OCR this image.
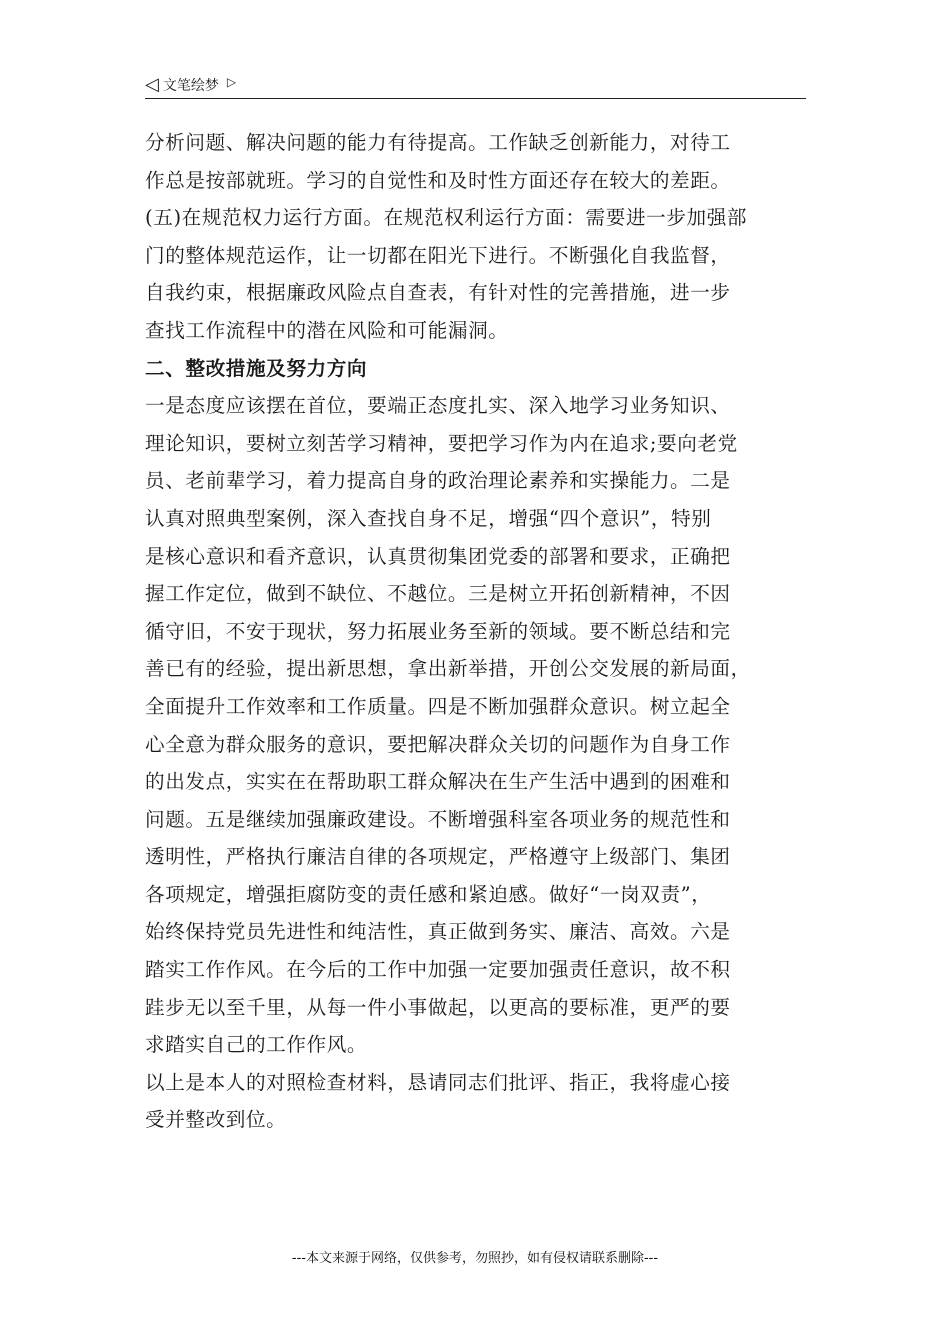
◁ 文笔绘梦 ▷
分析问题、解决问题的能力有待提高。工作缺乏创新能力，对待工
作总是按部就班。学习的自觉性和及时性方面还存在较大的差距。
(五)在规范权力运行方面。在规范权利运行方面：需要进一步加强部
门的整体规范运作，让一切都在阳光下进行。不断强化自我监督，
自我约束，根据廉政风险点自查表，有针对性的完善措施，进一步
查找工作流程中的潜在风险和可能漏洞。
二、整改措施及努力方向
一是态度应该摆在首位，要端正态度扎实、深入地学习业务知识、
理论知识，要树立刻苦学习精神，要把学习作为内在追求;要向老党
员、老前辈学习，着力提高自身的政治理论素养和实操能力。二是
认真对照典型案例，深入查找自身不足，增强“四个意识”，特别
是核心意识和看齐意识，认真贯彻集团党委的部署和要求，正确把
握工作定位，做到不缺位、不越位。三是树立开拓创新精神，不因
循守旧，不安于现状，努力拓展业务至新的领域。要不断总结和完
善已有的经验，提出新思想，拿出新举措，开创公交发展的新局面，
全面提升工作效率和工作质量。四是不断加强群众意识。树立起全
心全意为群众服务的意识，要把解决群众关切的问题作为自身工作
的出发点，实实在在帮助职工群众解决在生产生活中遇到的困难和
问题。五是继续加强廉政建设。不断增强科室各项业务的规范性和
透明性，严格执行廉洁自律的各项规定，严格遵守上级部门、集团
各项规定，增强拒腐防变的责任感和紧迫感。做好“一岗双责”，
始终保持党员先进性和纯洁性，真正做到务实、廉洁、高效。六是
踏实工作作风。在今后的工作中加强一定要加强责任意识，故不积
跬步无以至千里，从每一件小事做起，以更高的要标准，更严的要
求踏实自己的工作作风。
以上是本人的对照检查材料，恳请同志们批评、指正，我将虚心接
受并整改到位。
---本文来源于网络，仅供参考，勿照抄，如有侵权请联系删除---
